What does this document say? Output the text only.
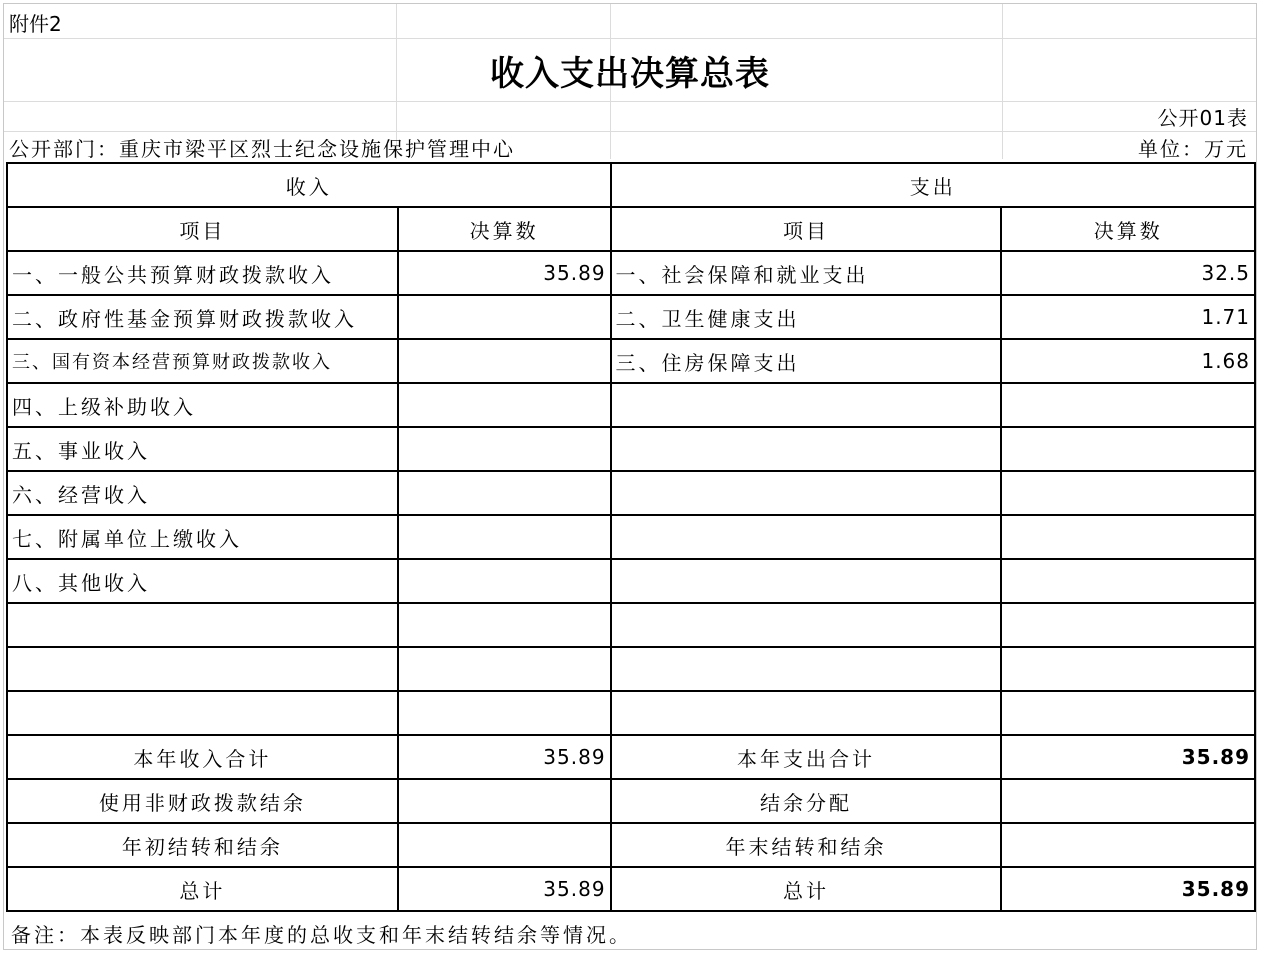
附件2
收入支出决算总表
公开01表
公开部门：重庆市梁平区烈士纪念设施保护管理中心	单位：万元
收入		支出	
项目	决算数	项目	决算数
一、一般公共预算财政拨款收入	35.89	一、社会保障和就业支出	32.5
二、政府性基金预算财政拨款收入		二、卫生健康支出	1.71
三、国有资本经营预算财政拨款收入		三、住房保障支出	1.68
四、上级补助收入			
五、事业收入			
六、经营收入			
七、附属单位上缴收入			
八、其他收入			

本年收入合计	35.89	本年支出合计	35.89
使用非财政拨款结余		结余分配	
年初结转和结余		年末结转和结余	
总计	35.89	总计	35.89
备注：本表反映部门本年度的总收支和年末结转结余等情况。			
